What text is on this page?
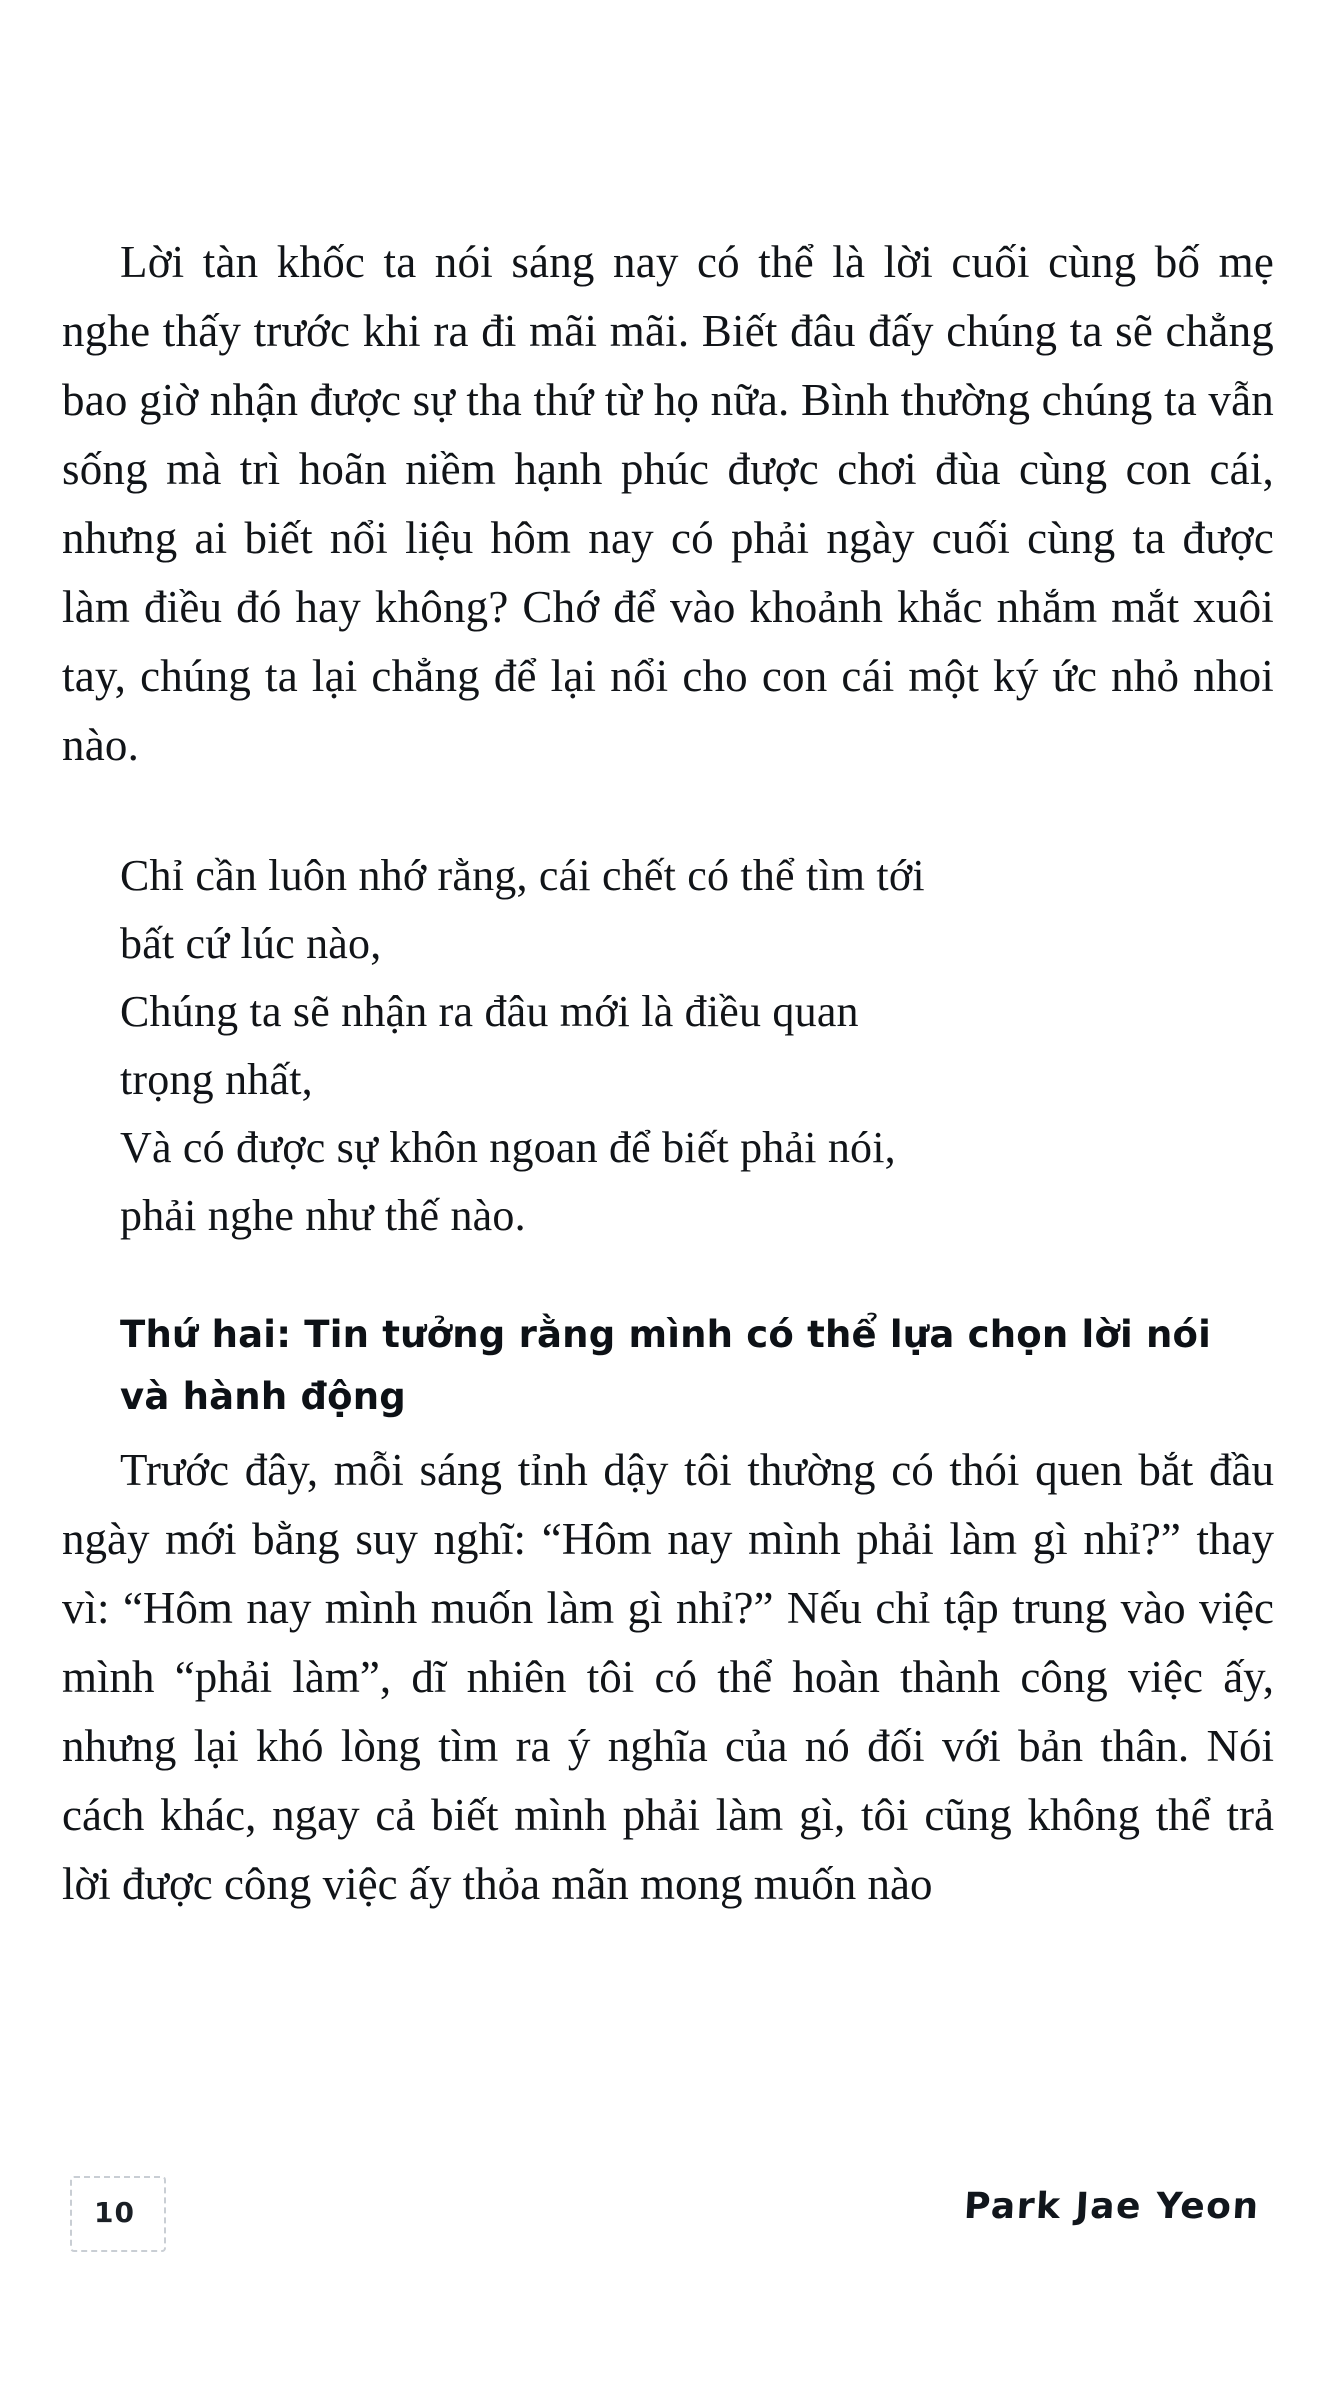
Lời tàn khốc ta nói sáng nay có thể là lời cuối cùng bố mẹ nghe thấy trước khi ra đi mãi mãi. Biết đâu đấy chúng ta sẽ chẳng bao giờ nhận được sự tha thứ từ họ nữa. Bình thường chúng ta vẫn sống mà trì hoãn niềm hạnh phúc được chơi đùa cùng con cái, nhưng ai biết nổi liệu hôm nay có phải ngày cuối cùng ta được làm điều đó hay không? Chớ để vào khoảnh khắc nhắm mắt xuôi tay, chúng ta lại chẳng để lại nổi cho con cái một ký ức nhỏ nhoi nào.

Chỉ cần luôn nhớ rằng, cái chết có thể tìm tới
bất cứ lúc nào,
Chúng ta sẽ nhận ra đâu mới là điều quan
trọng nhất,
Và có được sự khôn ngoan để biết phải nói,
phải nghe như thế nào.
Thứ hai: Tin tưởng rằng mình có thể lựa chọn lời nói
và hành động

Trước đây, mỗi sáng tỉnh dậy tôi thường có thói quen bắt đầu ngày mới bằng suy nghĩ: “Hôm nay mình phải làm gì nhỉ?” thay vì: “Hôm nay mình muốn làm gì nhỉ?” Nếu chỉ tập trung vào việc mình “phải làm”, dĩ nhiên tôi có thể hoàn thành công việc ấy, nhưng lại khó lòng tìm ra ý nghĩa của nó đối với bản thân. Nói cách khác, ngay cả biết mình phải làm gì, tôi cũng không thể trả lời được công việc ấy thỏa mãn mong muốn nào

10	Park Jae Yeon
